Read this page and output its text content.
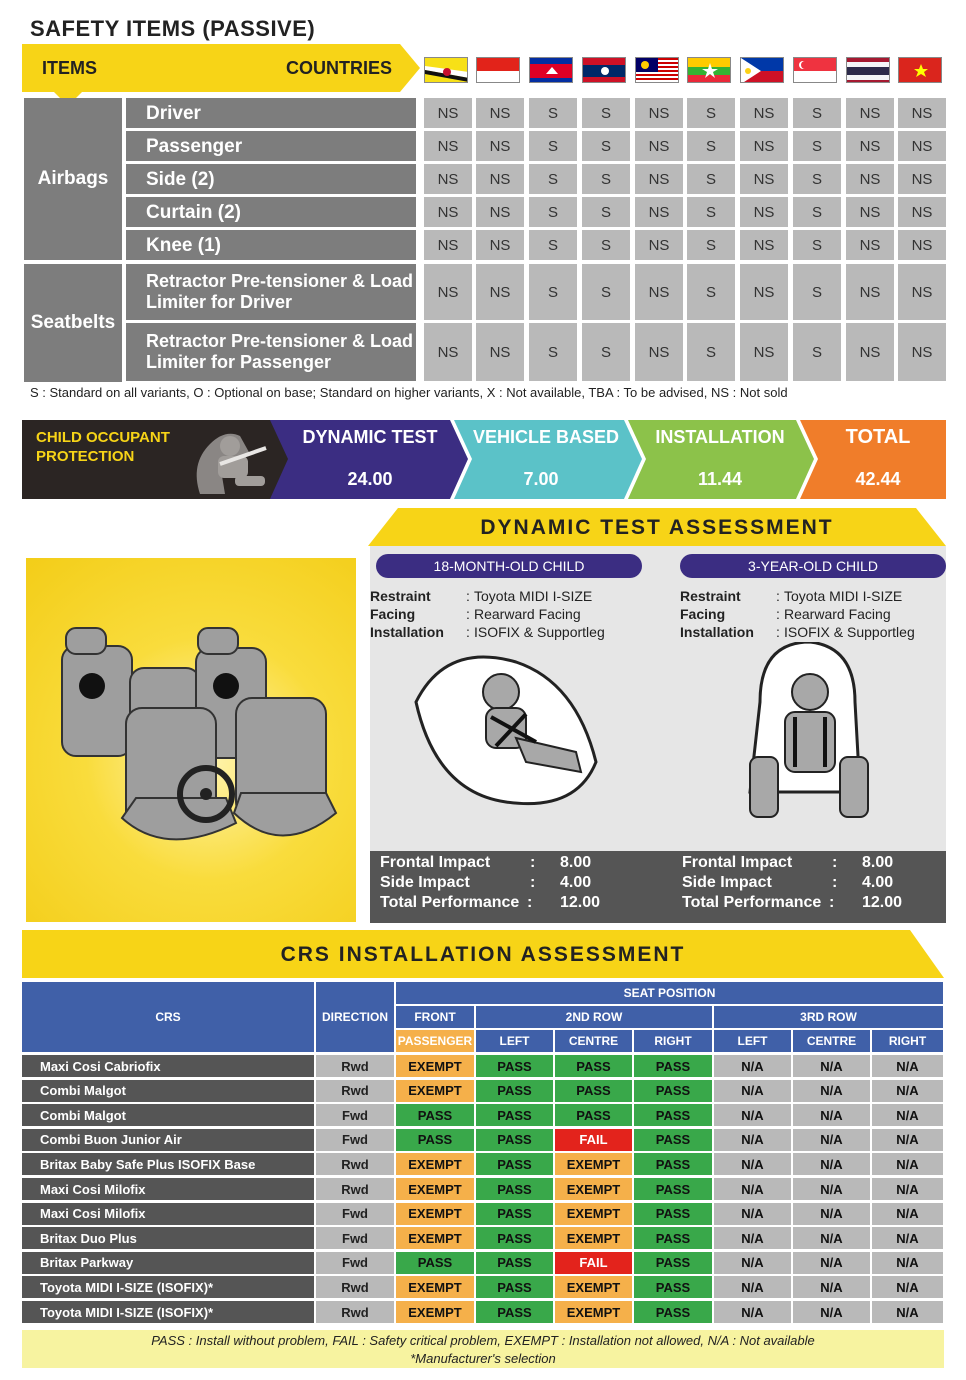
SAFETY ITEMS (PASSIVE)
ITEMS	COUNTRIES
Airbags
Seatbelts
Driver	NS	NS	S	S	NS	S	NS	S	NS	NS
Passenger	NS	NS	S	S	NS	S	NS	S	NS	NS
Side (2)	NS	NS	S	S	NS	S	NS	S	NS	NS
Curtain (2)	NS	NS	S	S	NS	S	NS	S	NS	NS
Knee (1)	NS	NS	S	S	NS	S	NS	S	NS	NS
Retractor Pre-tensioner & Load Limiter for Driver	NS	NS	S	S	NS	S	NS	S	NS	NS
Retractor Pre-tensioner & Load Limiter for Passenger	NS	NS	S	S	NS	S	NS	S	NS	NS
S : Standard on all variants, O : Optional on base; Standard on higher variants, X : Not available, TBA : To be advised, NS : Not sold
CHILD OCCUPANT PROTECTION
DYNAMIC TEST
24.00
VEHICLE BASED
7.00
INSTALLATION
11.44
TOTAL
42.44
DYNAMIC TEST ASSESSMENT
18-MONTH-OLD CHILD
Restraint	: Toyota MIDI I-SIZE
Facing	: Rearward Facing
Installation : ISOFIX & Supportleg
Frontal Impact : 8.00
Side Impact	: 4.00
Total Performance : 12.00
3-YEAR-OLD CHILD
Restraint	: Toyota MIDI I-SIZE
Facing	: Rearward Facing
Installation : ISOFIX & Supportleg
Frontal Impact : 8.00
Side Impact	: 4.00
Total Performance : 12.00
CRS INSTALLATION ASSESSMENT
CRS	DIRECTION
SEAT POSITION
FRONT	2ND ROW	3RD ROW
PASSENGER	LEFT	CENTRE	RIGHT	LEFT	CENTRE	RIGHT
Maxi Cosi Cabriofix	Rwd	EXEMPT	PASS	PASS	PASS	N/A	N/A	N/A
Combi Malgot	Rwd	EXEMPT	PASS	PASS	PASS	N/A	N/A	N/A
Combi Malgot	Fwd	PASS	PASS	PASS	PASS	N/A	N/A	N/A
Combi Buon Junior Air	Fwd	PASS	PASS	FAIL	PASS	N/A	N/A	N/A
Britax Baby Safe Plus ISOFIX Base	Rwd	EXEMPT	PASS	EXEMPT	PASS	N/A	N/A	N/A
Maxi Cosi Milofix	Rwd	EXEMPT	PASS	EXEMPT	PASS	N/A	N/A	N/A
Maxi Cosi Milofix	Fwd	EXEMPT	PASS	EXEMPT	PASS	N/A	N/A	N/A
Britax Duo Plus	Fwd	EXEMPT	PASS	EXEMPT	PASS	N/A	N/A	N/A
Britax Parkway	Fwd	PASS	PASS	FAIL	PASS	N/A	N/A	N/A
Toyota MIDI I-SIZE (ISOFIX)*	Rwd	EXEMPT	PASS	EXEMPT	PASS	N/A	N/A	N/A
Toyota MIDI I-SIZE (ISOFIX)*	Rwd	EXEMPT	PASS	EXEMPT	PASS	N/A	N/A	N/A
PASS : Install without problem, FAIL : Safety critical problem, EXEMPT : Installation not allowed, N/A : Not available
*Manufacturer's selection
